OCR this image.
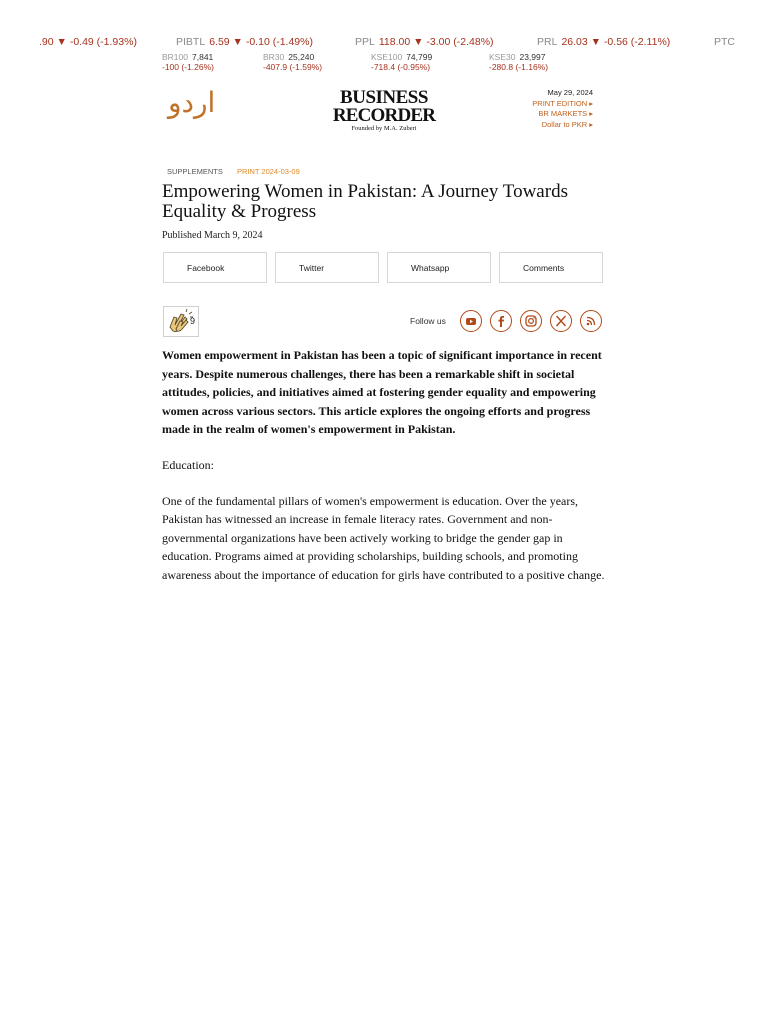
.90 ▼ -0.49 (-1.93%)	PIBTL 6.59 ▼ -0.10 (-1.49%)	PPL 118.00 ▼ -3.00 (-2.48%)	PRL 26.03 ▼ -0.56 (-2.11%)	PTC
BR100 7,841
-100 (-1.26%)
BR30 25,240
-407.9 (-1.59%)
KSE100 74,799
-718.4 (-0.95%)
KSE30 23,997
-280.8 (-1.16%)
اردو	BUSINESS
RECORDER
Founded by M.A. Zuberi
May 29, 2024
PRINT EDITION ▸
BR MARKETS ▸
Dollar to PKR ▸
SUPPLEMENTS PRINT 2024-03-09
Empowering Women in Pakistan: A Journey Towards Equality & Progress
Published March 9, 2024
Facebook	Twitter	Whatsapp	Comments
9	Follow us

Women empowerment in Pakistan has been a topic of significant importance in recent years. Despite numerous challenges, there has been a remarkable shift in societal attitudes, policies, and initiatives aimed at fostering gender equality and empowering women across various sectors. This article explores the ongoing efforts and progress made in the realm of women's empowerment in Pakistan.

Education:

One of the fundamental pillars of women's empowerment is education. Over the years, Pakistan has witnessed an increase in female literacy rates. Government and non-governmental organizations have been actively working to bridge the gender gap in education. Programs aimed at providing scholarships, building schools, and promoting awareness about the importance of education for girls have contributed to a positive change.
